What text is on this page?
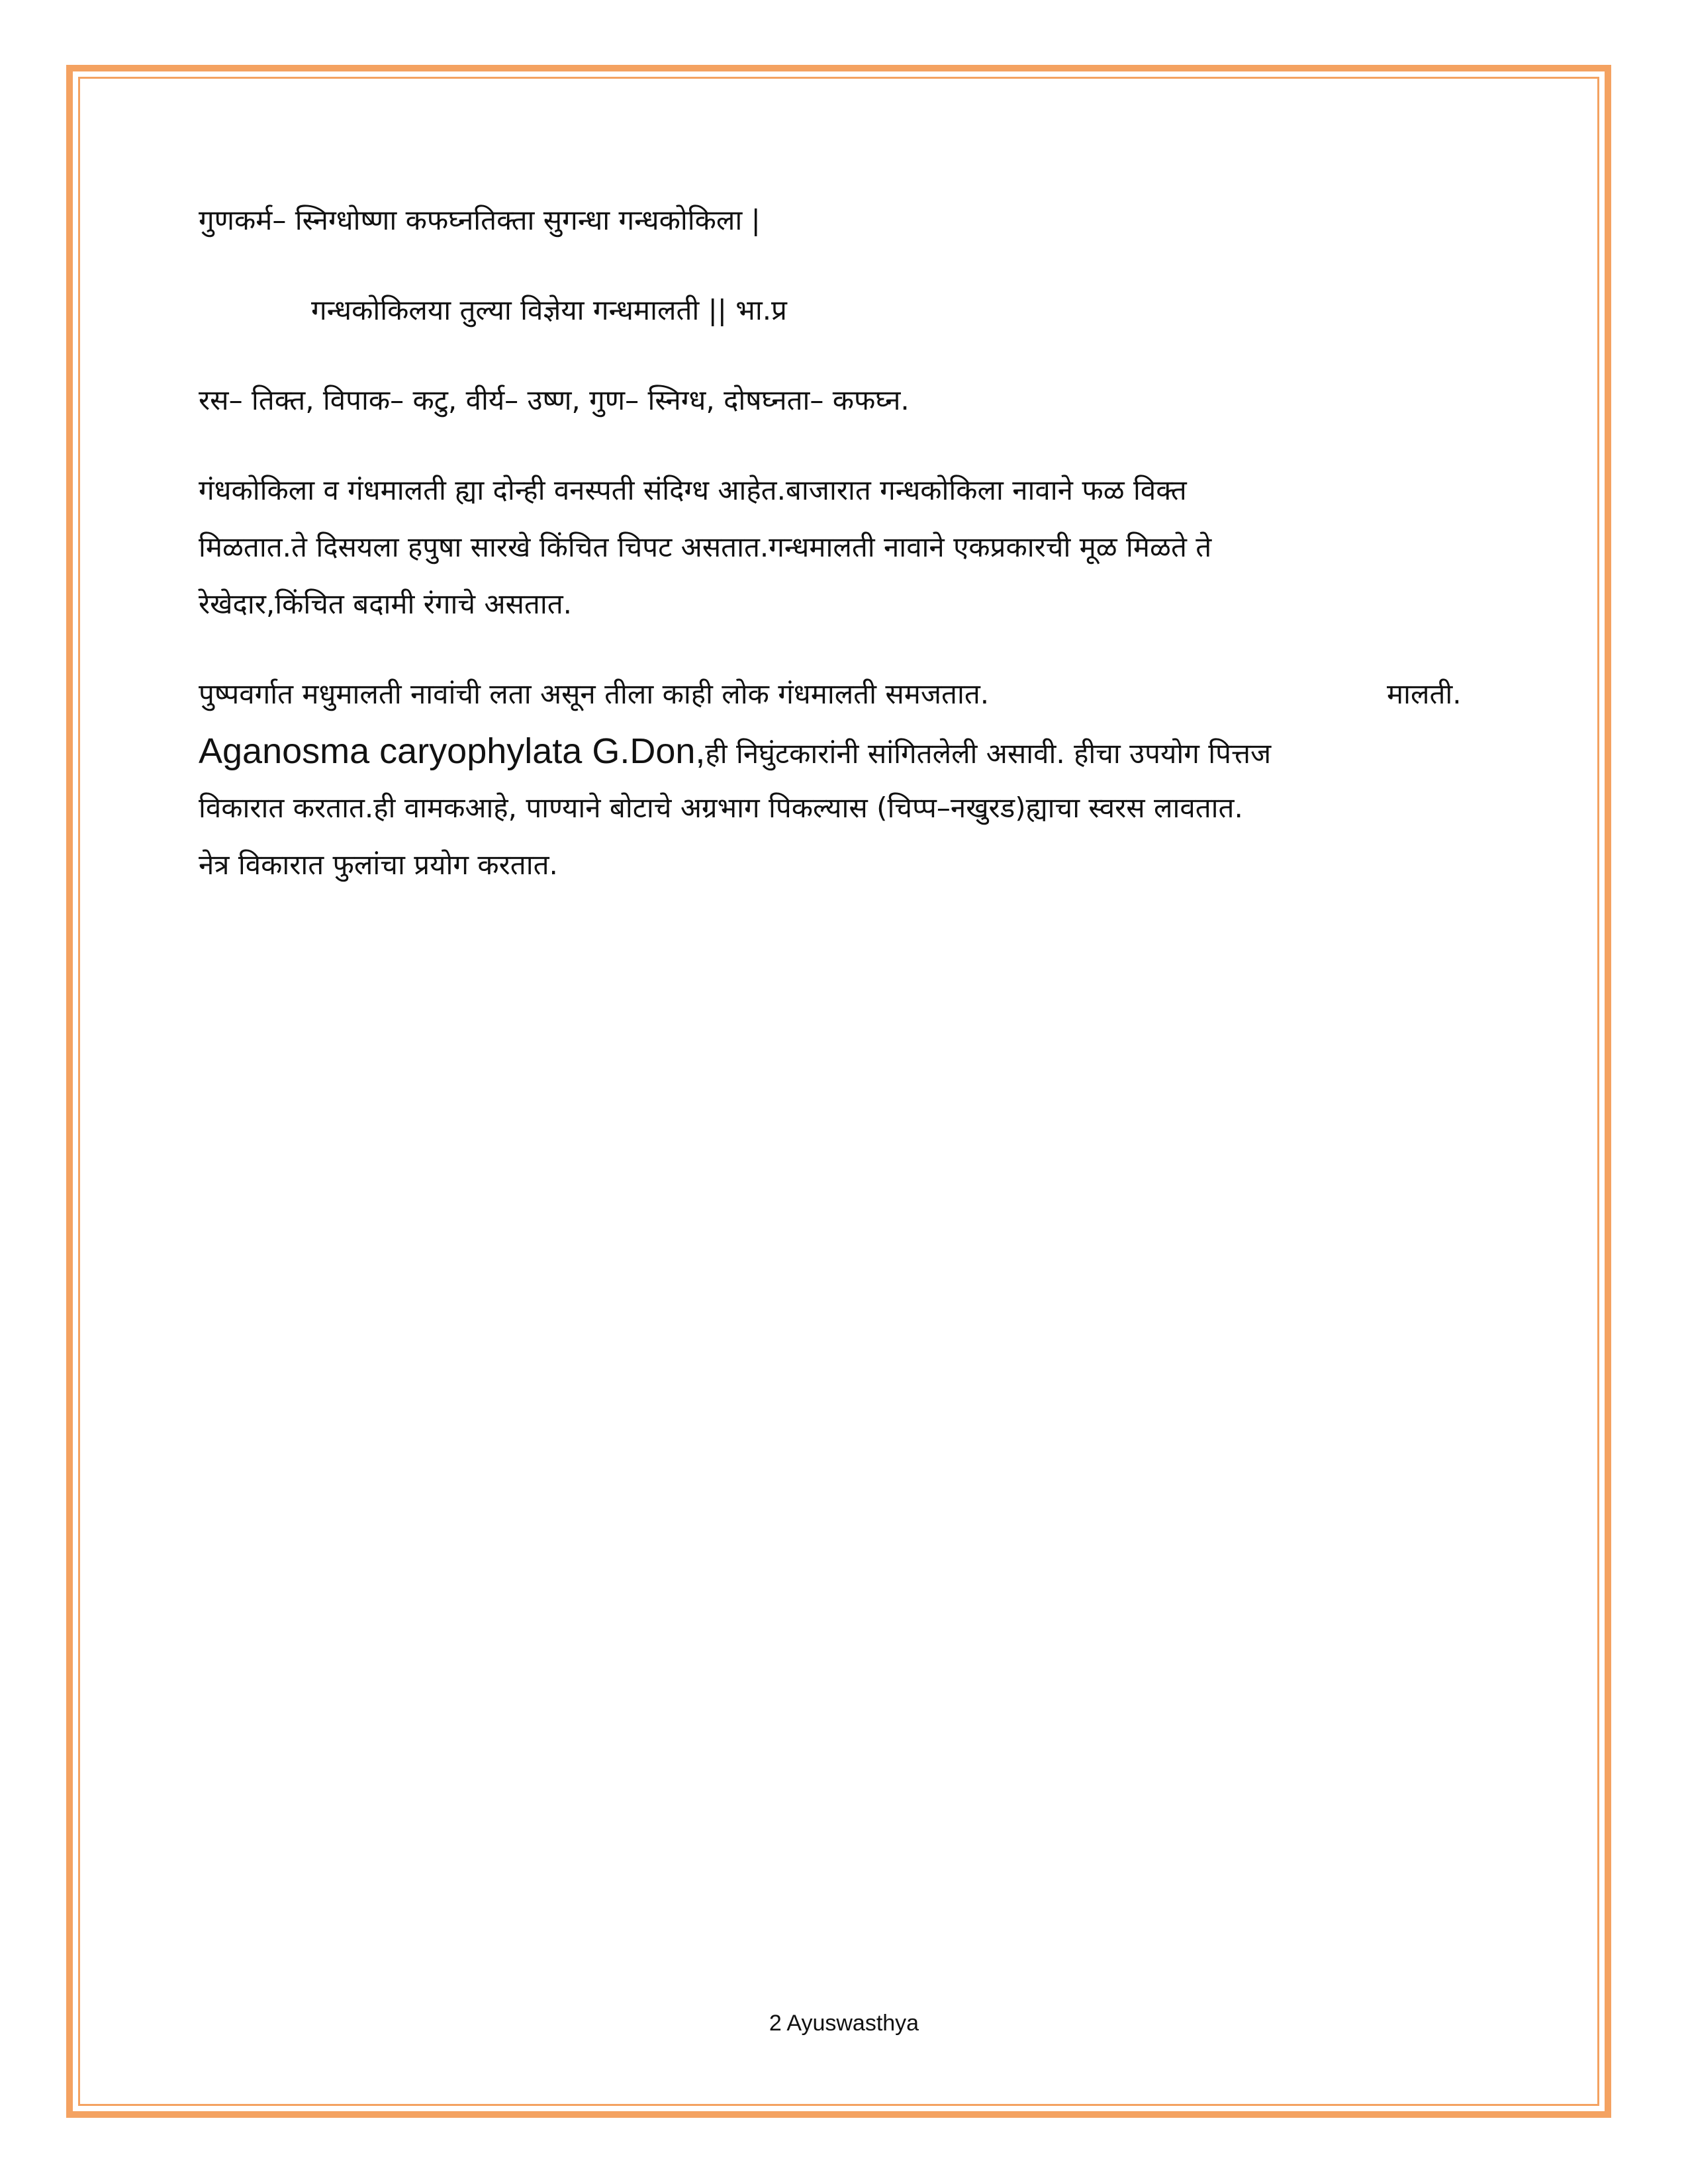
गुणकर्म– स्निग्धोष्णा कफघ्नतिक्ता सुगन्धा गन्धकोकिला |
गन्धकोकिलया तुल्या विज्ञेया गन्धमालती || भा.प्र
रस– तिक्त, विपाक– कटु, वीर्य– उष्ण, गुण– स्निग्ध, दोषघ्नता– कफघ्न.
गंधकोकिला व गंधमालती ह्या दोन्ही वनस्पती संदिग्ध आहेत.बाजारात गन्धकोकिला नावाने फळ विक्त
मिळतात.ते दिसयला हपुषा सारखे किंचित चिपट असतात.गन्धमालती नावाने एकप्रकारची मूळ मिळते ते
रेखेदार,किंचित बदामी रंगाचे असतात.
पुष्पवर्गात मधुमालती नावांची लता असून तीला काही लोक गंधमालती समजतात.	मालती.
Aganosma caryophylata G.Don,ही निघुंटकारांनी सांगितलेली असावी. हीचा उपयोग पित्तज
विकारात करतात.ही वामकआहे, पाण्याने बोटाचे अग्रभाग पिकल्यास (चिप्प–नखुरड)ह्याचा स्वरस लावतात.
नेत्र विकारात फुलांचा प्रयोग करतात.
2 Ayuswasthya
